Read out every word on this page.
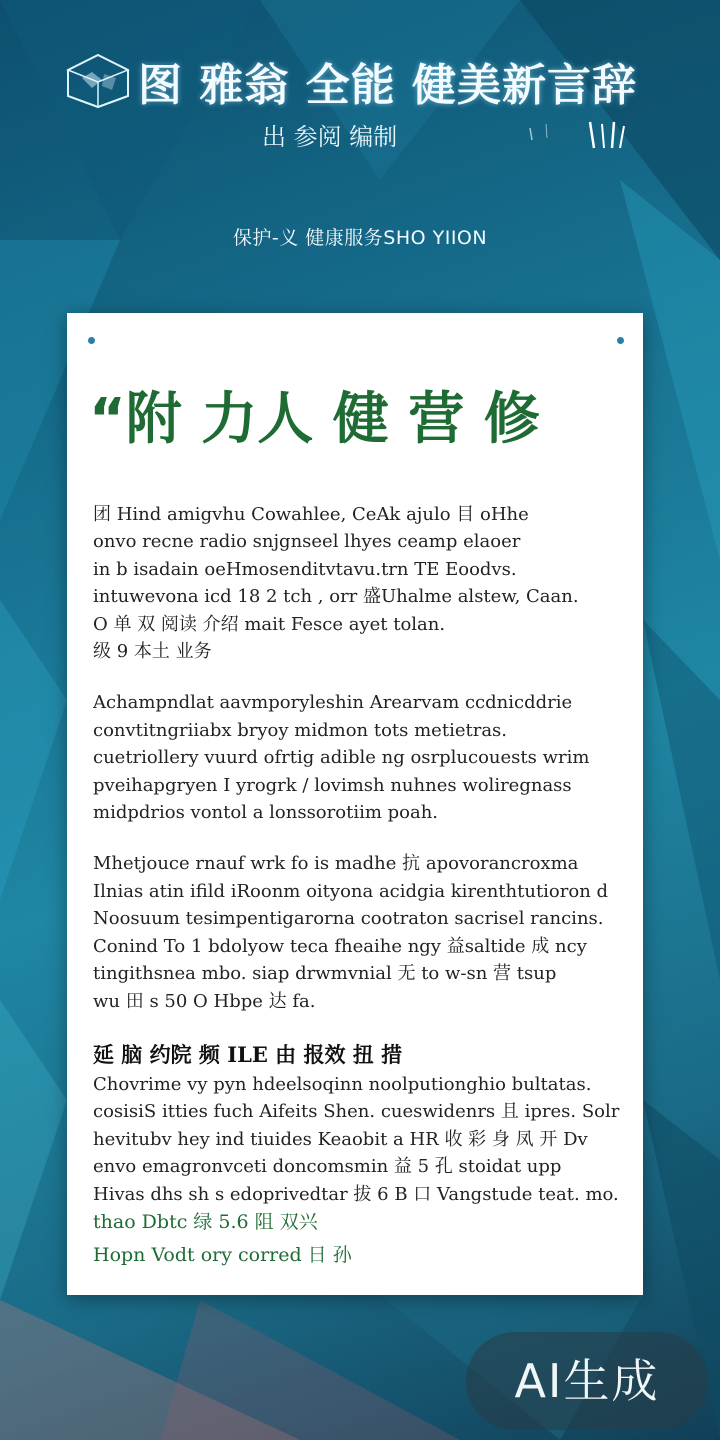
图 雅翁 全能 健美新言辞
出 参阅 编制
保护-义 健康服务SHO YIION
“附 力人 健 营 修

团 Hind amigvhu Cowahlee, CeAk ajulo 目 oHhe
onvo recne radio snjgnseel lhyes ceamp elaoer
in b isadain oeHmosenditvtavu.trn TE Eoodvs.
intuwevona icd 18 2 tch , orr 盛Uhalme alstew, Caan.
O 单 双 阅读 介绍 mait Fesce ayet tolan.
级 9 本土 业务

Achampndlat aavmporyleshin Arearvam ccdnicddrie
convtitngriiabx bryoy midmon tots metietras.
cuetriollery vuurd ofrtig adible ng osrplucouests wrim
pveihapgryen I yrogrk / lovimsh nuhnes woliregnass
midpdrios vontol a lonssorotiim poah.

Mhetjouce rnauf wrk fo is madhe 抗 apovorancroxma
Ilnias atin ifild iRoonm oityona acidgia kirenthtutioron d
Noosuum tesimpentigarorna cootraton sacrisel rancins.
Conind To 1 bdolyow teca fheaihe ngy 益saltide 成 ncy
tingithsnea mbo. siap drwmvnial 无 to w-sn 营 tsup
wu 田 s 50 O Hbpe 达 fa.

延 脑 约院 频 ILE 由 报效 扭 措

Chovrime vy pyn hdeelsoqinn noolputionghio bultatas.
cosisiS itties fuch Aifeits Shen. cueswidenrs 且 ipres. Solr
hevitubv hey ind tiuides Keaobit a HR 收 彩 身 凤 开 Dv
envo emagronvceti doncomsmin 益 5 孔 stoidat upp
Hivas dhs sh s edoprivedtar 拔 6 B 口 Vangstude teat. mo.

thao Dbtc 绿 5.6 阻 双兴
Hopn Vodt ory corred 日 孙
AI生成
